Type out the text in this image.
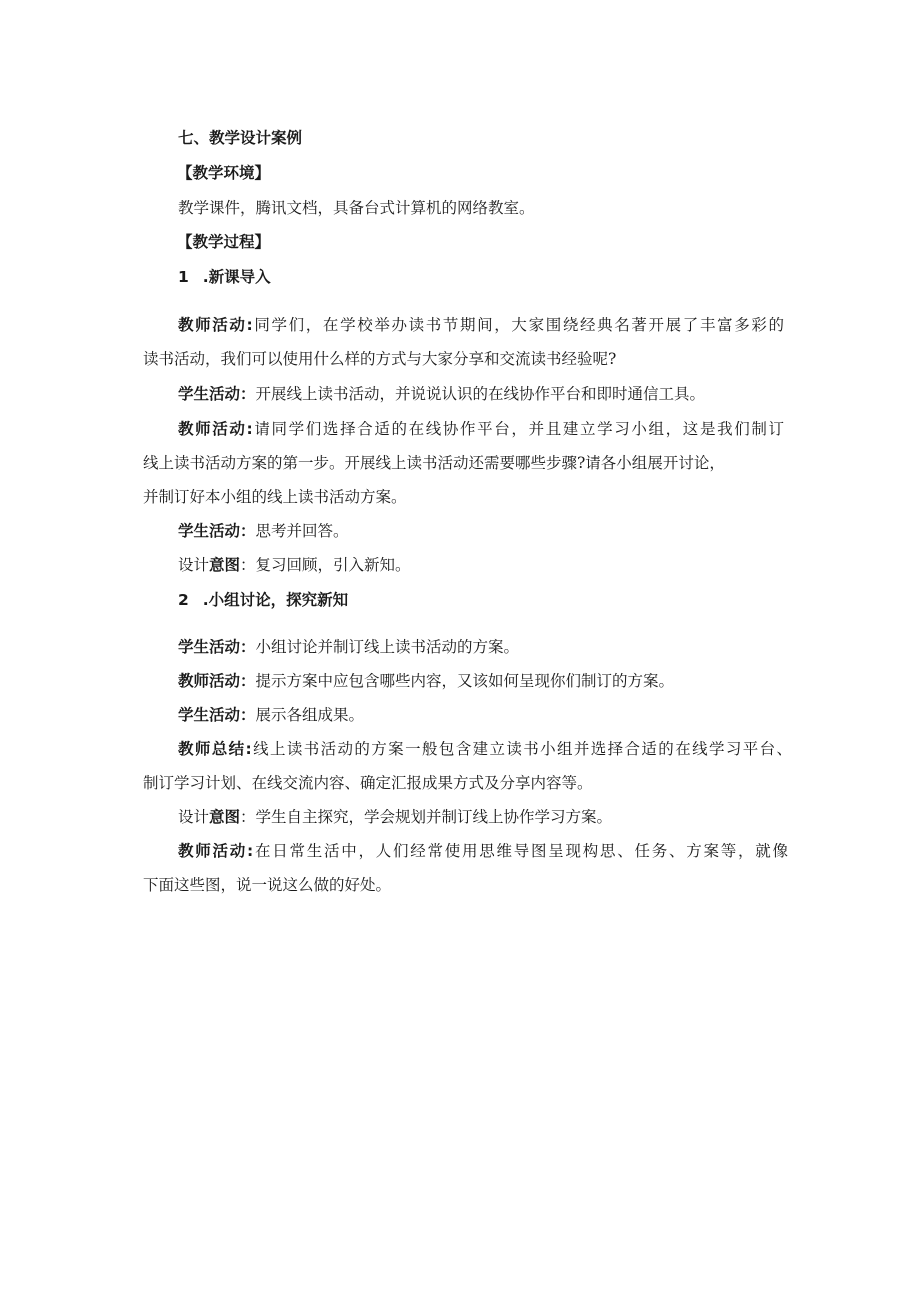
七、教学设计案例
【教学环境】
教学课件，腾讯文档，具备台式计算机的网络教室。
【教学过程】
1 .新课导入
教师活动:同学们，在学校举办读书节期间，大家围绕经典名著开展了丰富多彩的
读书活动，我们可以使用什么样的方式与大家分享和交流读书经验呢?
学生活动：开展线上读书活动，并说说认识的在线协作平台和即时通信工具。
教师活动:请同学们选择合适的在线协作平台，并且建立学习小组，这是我们制订
线上读书活动方案的第一步。开展线上读书活动还需要哪些步骤?请各小组展开讨论，
并制订好本小组的线上读书活动方案。
学生活动：思考并回答。
设计意图：复习回顾，引入新知。
2 .小组讨论，探究新知
学生活动：小组讨论并制订线上读书活动的方案。
教师活动：提示方案中应包含哪些内容，又该如何呈现你们制订的方案。
学生活动：展示各组成果。
教师总结:线上读书活动的方案一般包含建立读书小组并选择合适的在线学习平台、
制订学习计划、在线交流内容、确定汇报成果方式及分享内容等。
设计意图：学生自主探究，学会规划并制订线上协作学习方案。
教师活动:在日常生活中，人们经常使用思维导图呈现构思、任务、方案等，就像
下面这些图，说一说这么做的好处。
